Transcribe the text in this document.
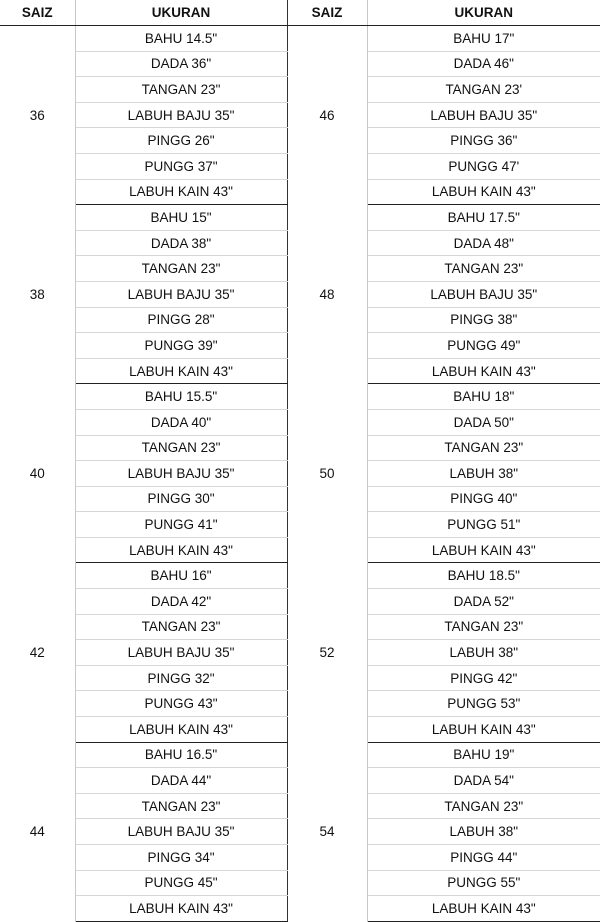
SAIZ	UKURAN	SAIZ	UKURAN
36	BAHU 14.5"	46	BAHU 17"
	DADA 36"		DADA 46"
	TANGAN 23"		TANGAN 23'
	LABUH BAJU 35"		LABUH BAJU 35"
	PINGG 26"		PINGG 36"
	PUNGG 37"		PUNGG 47'
	LABUH KAIN 43"		LABUH KAIN 43"
38	BAHU 15"	48	BAHU 17.5"
	DADA 38"		DADA 48"
	TANGAN 23"		TANGAN 23"
	LABUH BAJU 35"		LABUH BAJU 35"
	PINGG 28"		PINGG 38"
	PUNGG 39"		PUNGG 49"
	LABUH KAIN 43"		LABUH KAIN 43"
40	BAHU 15.5"	50	BAHU 18"
	DADA 40"		DADA 50"
	TANGAN 23"		TANGAN 23"
	LABUH BAJU 35"		LABUH 38"
	PINGG 30"		PINGG 40"
	PUNGG 41"		PUNGG 51"
	LABUH KAIN 43"		LABUH KAIN 43"
42	BAHU 16"	52	BAHU 18.5"
	DADA 42"		DADA 52"
	TANGAN 23"		TANGAN 23"
	LABUH BAJU 35"		LABUH 38"
	PINGG 32"		PINGG 42"
	PUNGG 43"		PUNGG 53"
	LABUH KAIN 43"		LABUH KAIN 43"
44	BAHU 16.5"	54	BAHU 19"
	DADA 44"		DADA 54"
	TANGAN 23"		TANGAN 23"
	LABUH BAJU 35"		LABUH 38"
	PINGG 34"		PINGG 44"
	PUNGG 45"		PUNGG 55"
	LABUH KAIN 43"		LABUH KAIN 43"
